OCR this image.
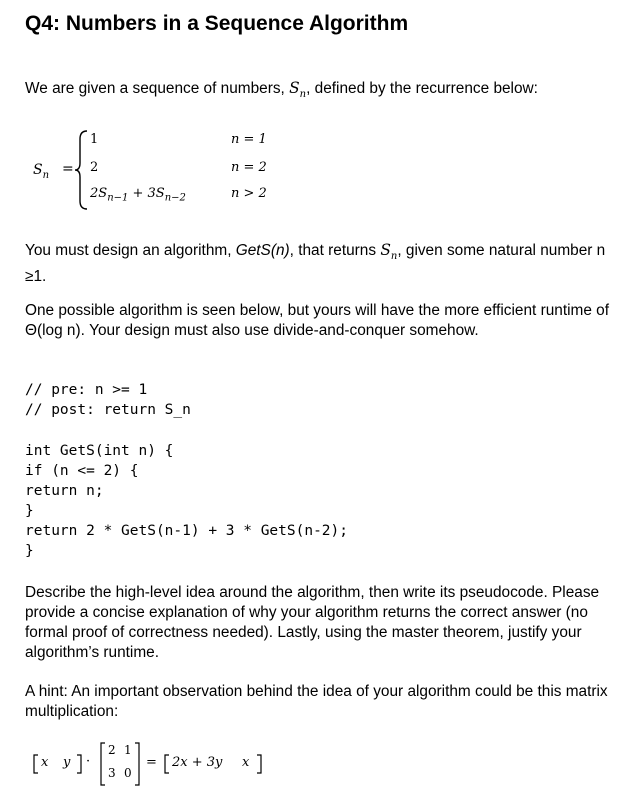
Q4: Numbers in a Sequence Algorithm
We are given a sequence of numbers, $S_n$, defined by the recurrence below:
$S_n$ =
1	n = 1
2	n = 2
$2S_{n-1} + 3S_{n-2}$	n > 2
You must design an algorithm, GetS(n), that returns $S_n$, given some natural number n
≥1.
One possible algorithm is seen below, but yours will have the more efficient runtime of
Θ(log n). Your design must also use divide-and-conquer somehow.
// pre: n >= 1
// post: return S_n
int GetS(int n) {
if (n <= 2) {
return n;
}
return 2 * GetS(n-1) + 3 * GetS(n-2);
}
Describe the high-level idea around the algorithm, then write its pseudocode. Please
provide a concise explanation of why your algorithm returns the correct answer (no
formal proof of correctness needed). Lastly, using the master theorem, justify your
algorithm’s runtime.
A hint: An important observation behind the idea of your algorithm could be this matrix
multiplication:
x y ·
2 1
3 0
= 2x + 3y x
